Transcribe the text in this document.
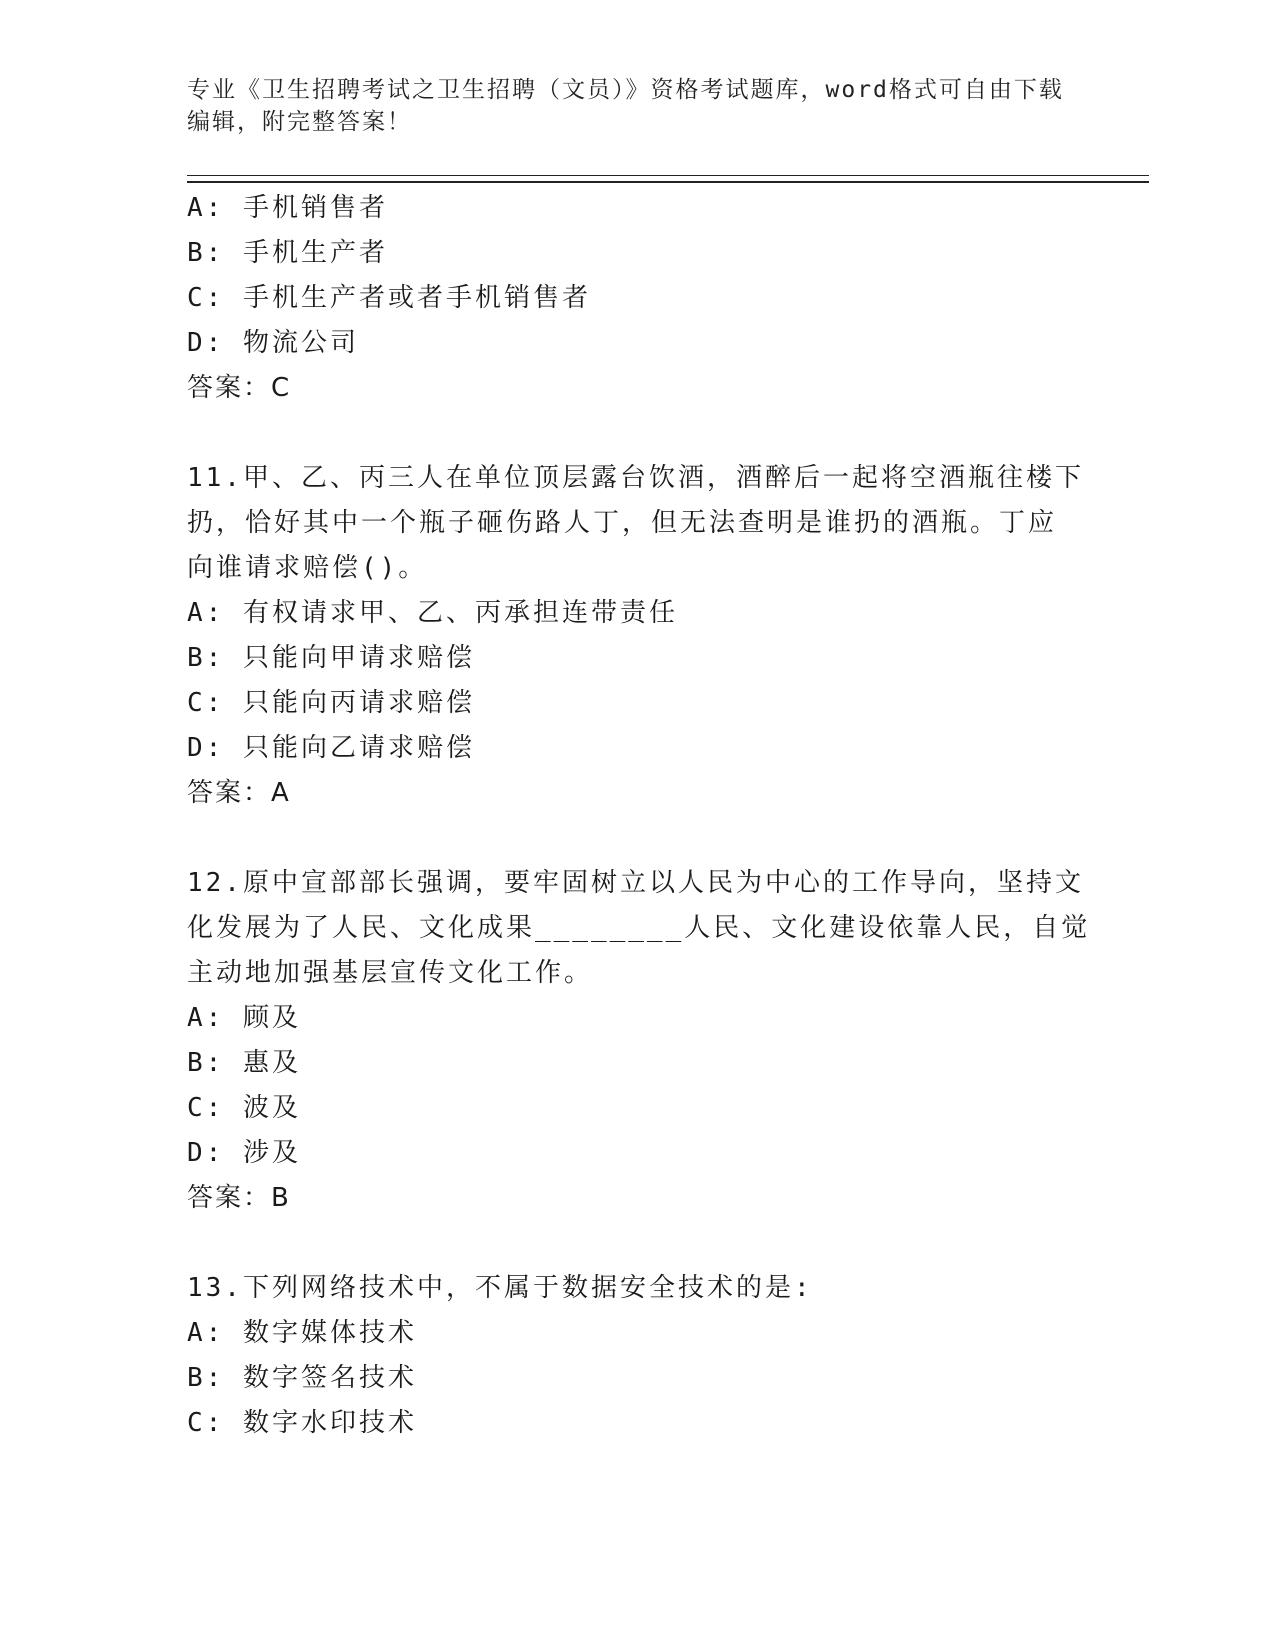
专业《卫生招聘考试之卫生招聘（文员）》资格考试题库，word格式可自由下载
编辑，附完整答案！
A: 手机销售者
B: 手机生产者
C: 手机生产者或者手机销售者
D: 物流公司
答案：C
11.甲、乙、丙三人在单位顶层露台饮酒，酒醉后一起将空酒瓶往楼下
扔，恰好其中一个瓶子砸伤路人丁，但无法查明是谁扔的酒瓶。丁应
向谁请求赔偿()。
A: 有权请求甲、乙、丙承担连带责任
B: 只能向甲请求赔偿
C: 只能向丙请求赔偿
D: 只能向乙请求赔偿
答案：A
12.原中宣部部长强调，要牢固树立以人民为中心的工作导向，坚持文
化发展为了人民、文化成果________人民、文化建设依靠人民，自觉
主动地加强基层宣传文化工作。
A: 顾及
B: 惠及
C: 波及
D: 涉及
答案：B
13.下列网络技术中，不属于数据安全技术的是:
A: 数字媒体技术
B: 数字签名技术
C: 数字水印技术
